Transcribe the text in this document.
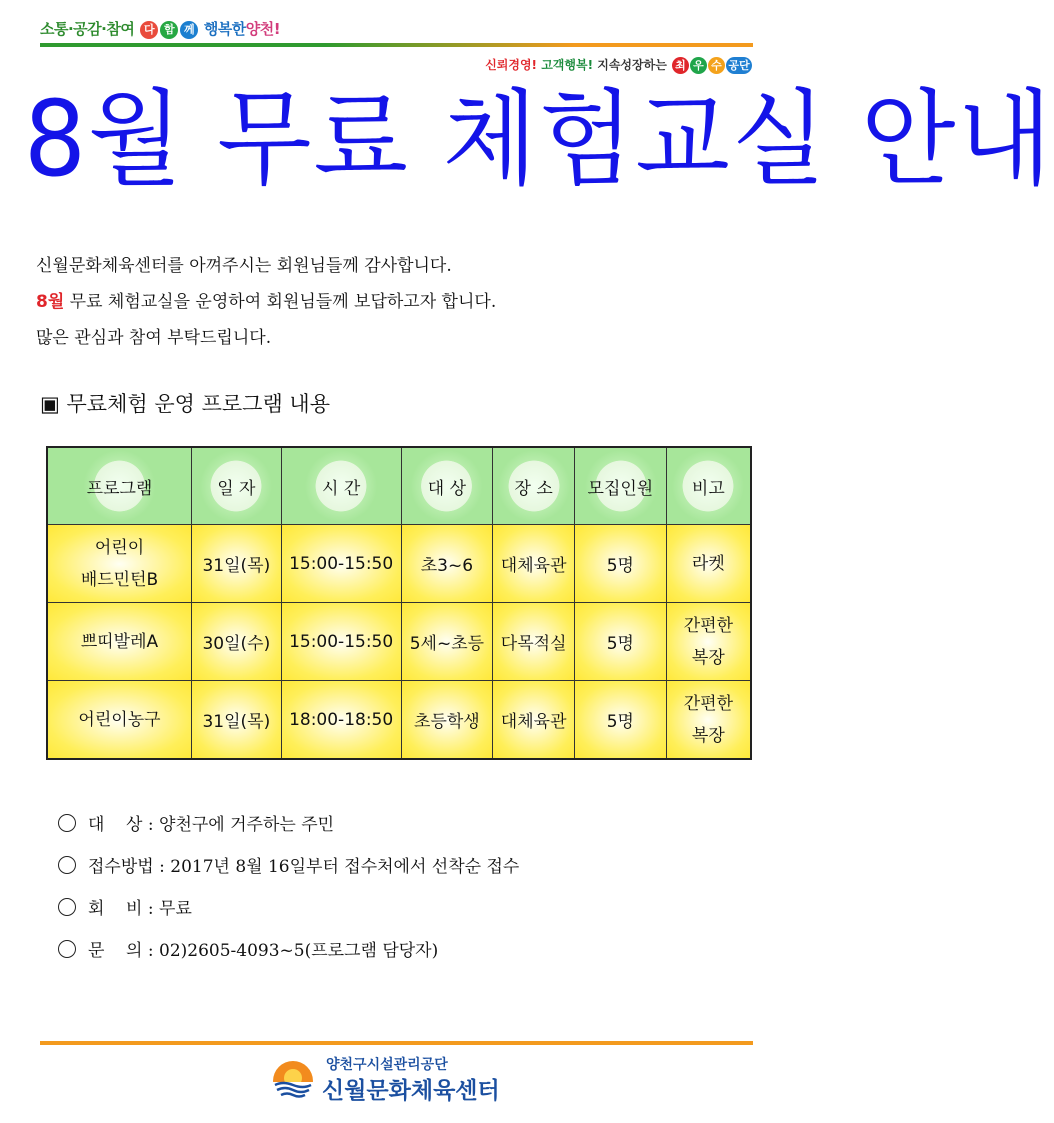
소통·공감·참여 다 함 께 행복한양천!
신뢰경영! 고객행복! 지속성장하는 최 우 수 공단
8월 무료 체험교실 안내

신월문화체육센터를 아껴주시는 회원님들께 감사합니다.

8월 무료 체험교실을 운영하여 회원님들께 보답하고자 합니다.

많은 관심과 참여 부탁드립니다.

▣ 무료체험 운영 프로그램 내용
프로그램	일 자	시 간	대 상	장 소	모집인원	비고
어린이
배드민턴B	31일(목)	15:00-15:50	초3~6	대체육관	5명	라켓
쁘띠발레A	30일(수)	15:00-15:50	5세~초등	다목적실	5명	간편한
복장
어린이농구	31일(목)	18:00-18:50	초등학생	대체육관	5명	간편한
복장
대    상 : 양천구에 거주하는 주민
접수방법 : 2017년 8월 16일부터 접수처에서 선착순 접수
회    비 : 무료
문    의 : 02)2605-4093~5(프로그램 담당자)
양천구시설관리공단
신월문화체육센터
